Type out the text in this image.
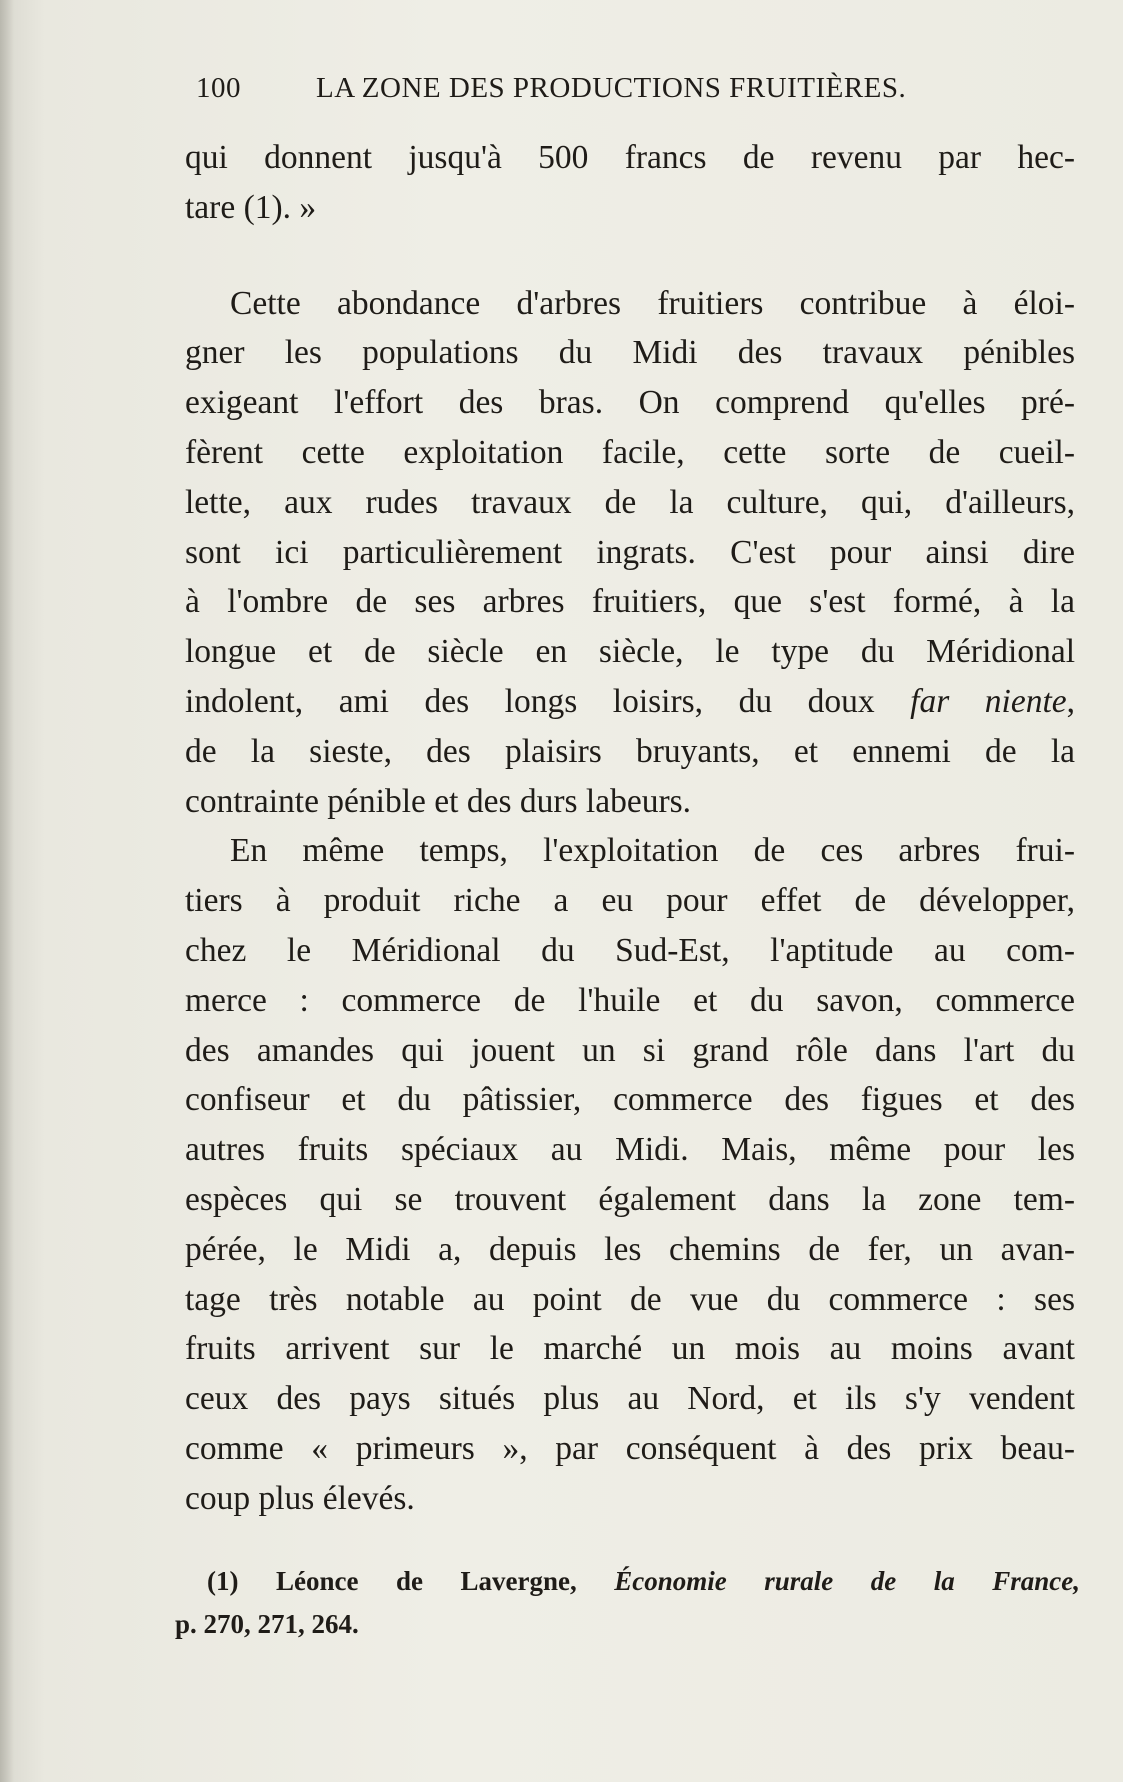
100	LA ZONE DES PRODUCTIONS FRUITIÈRES.
qui donnent jusqu'à 500 francs de revenu par hec-
tare (1). »
Cette abondance d'arbres fruitiers contribue à éloi-
gner les populations du Midi des travaux pénibles
exigeant l'effort des bras. On comprend qu'elles pré-
fèrent cette exploitation facile, cette sorte de cueil-
lette, aux rudes travaux de la culture, qui, d'ailleurs,
sont ici particulièrement ingrats. C'est pour ainsi dire
à l'ombre de ses arbres fruitiers, que s'est formé, à la
longue et de siècle en siècle, le type du Méridional
indolent, ami des longs loisirs, du doux far niente,
de la sieste, des plaisirs bruyants, et ennemi de la
contrainte pénible et des durs labeurs.
En même temps, l'exploitation de ces arbres frui-
tiers à produit riche a eu pour effet de développer,
chez le Méridional du Sud-Est, l'aptitude au com-
merce : commerce de l'huile et du savon, commerce
des amandes qui jouent un si grand rôle dans l'art du
confiseur et du pâtissier, commerce des figues et des
autres fruits spéciaux au Midi. Mais, même pour les
espèces qui se trouvent également dans la zone tem-
pérée, le Midi a, depuis les chemins de fer, un avan-
tage très notable au point de vue du commerce : ses
fruits arrivent sur le marché un mois au moins avant
ceux des pays situés plus au Nord, et ils s'y vendent
comme « primeurs », par conséquent à des prix beau-
coup plus élevés.
(1) Léonce de Lavergne, Économie rurale de la France,
p. 270, 271, 264.
